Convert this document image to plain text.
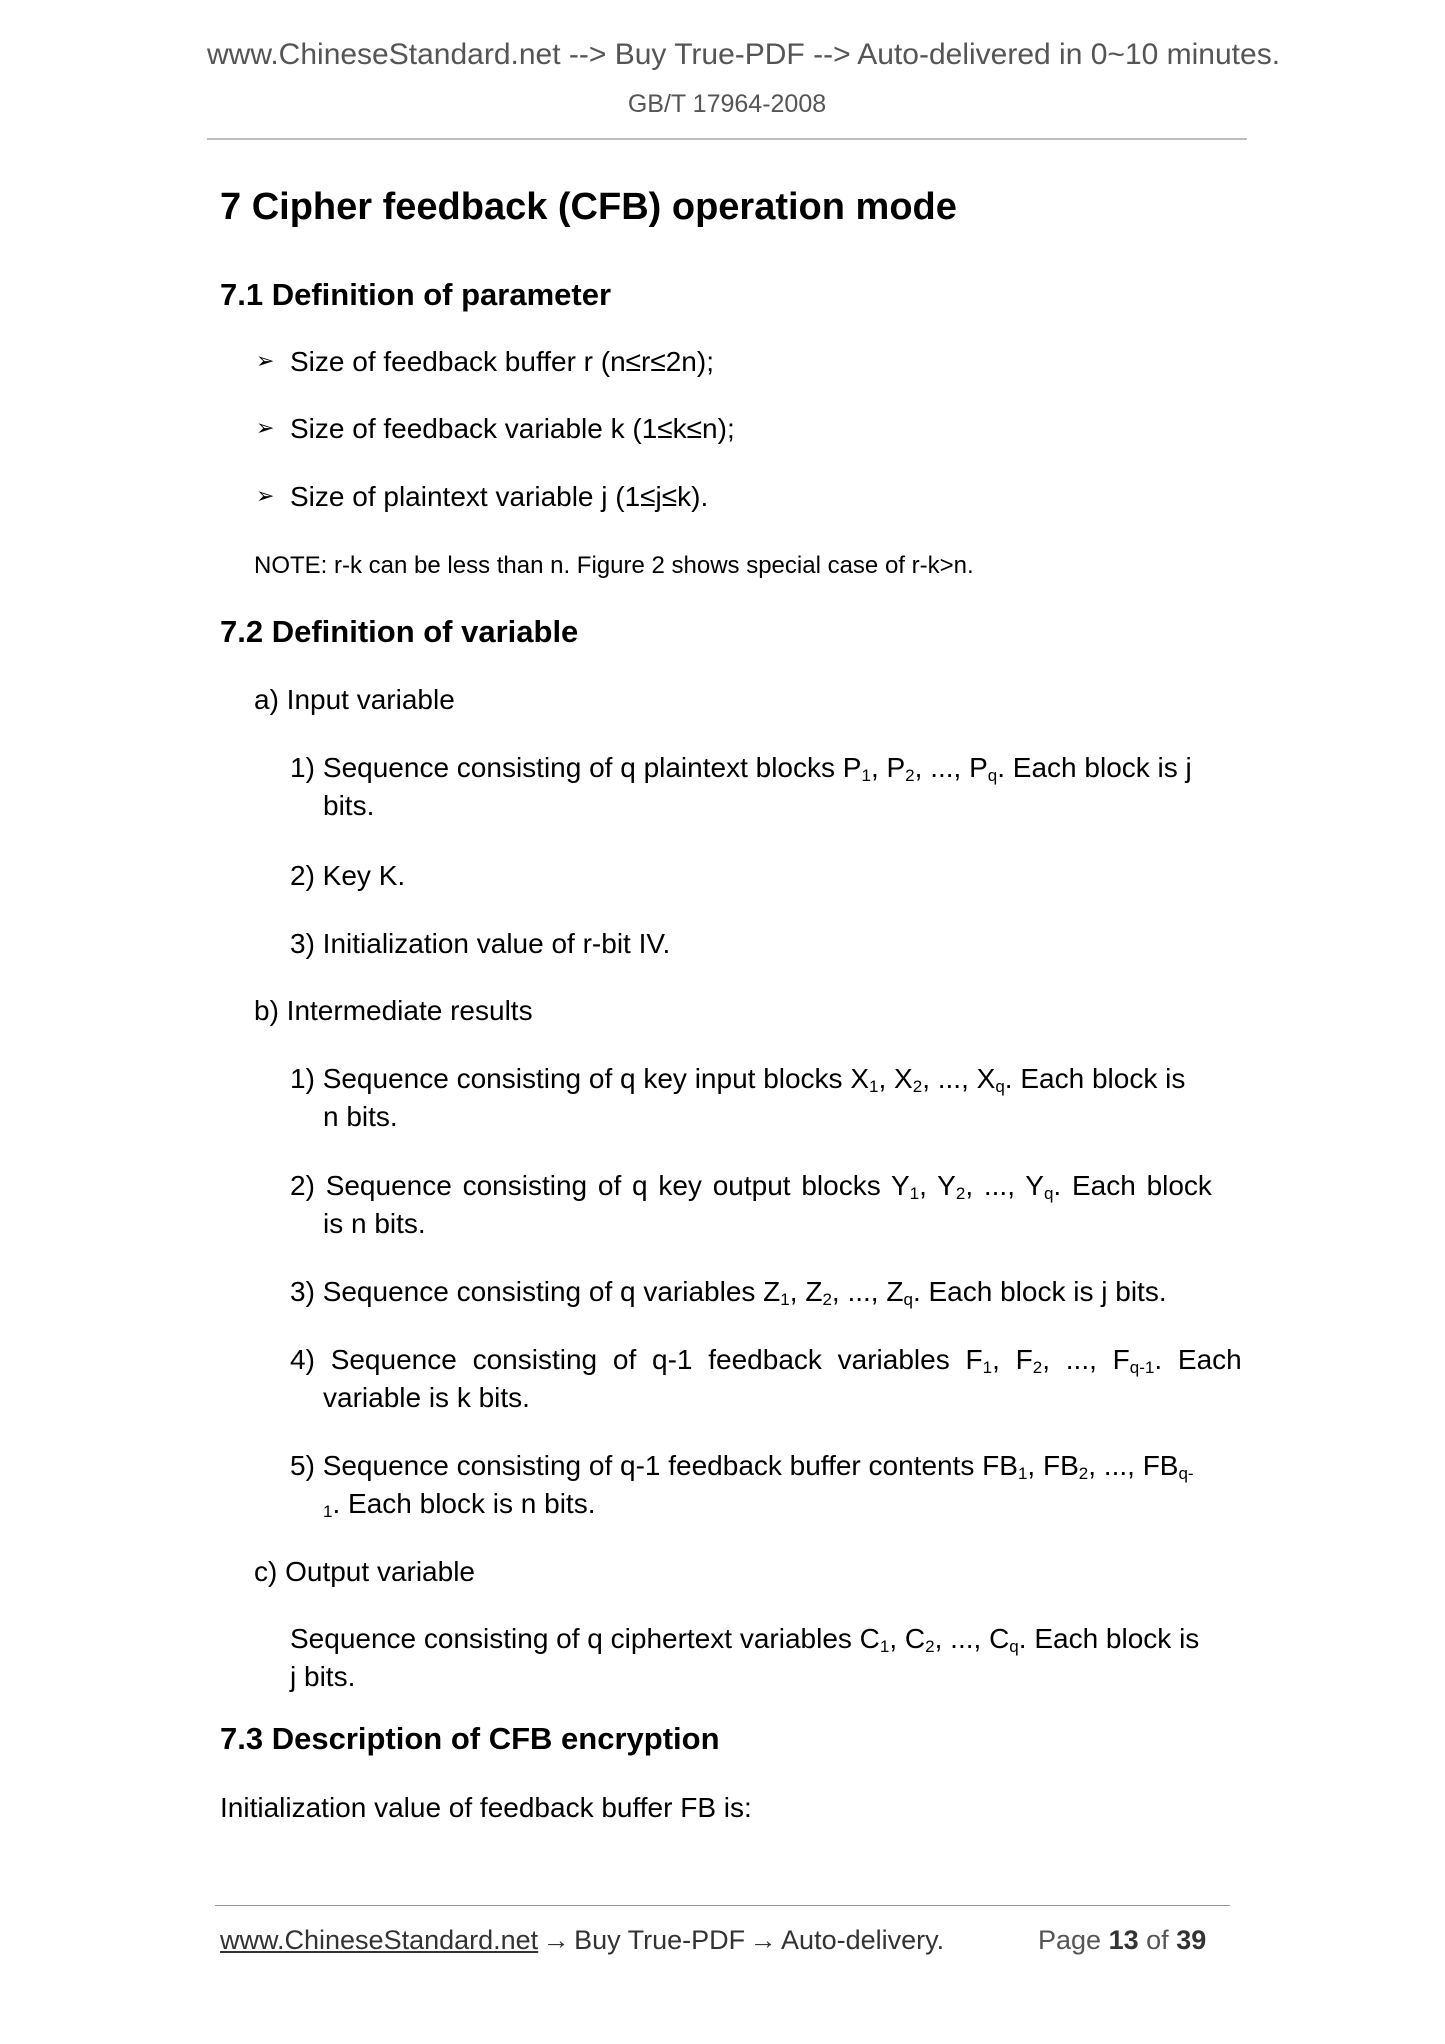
www.ChineseStandard.net --> Buy True-PDF --> Auto-delivered in 0~10 minutes.
GB/T 17964-2008
7 Cipher feedback (CFB) operation mode
7.1 Definition of parameter
➢ Size of feedback buffer r (n≤r≤2n);
➢ Size of feedback variable k (1≤k≤n);
➢ Size of plaintext variable j (1≤j≤k).
NOTE: r-k can be less than n. Figure 2 shows special case of r-k>n.
7.2 Definition of variable
a) Input variable
1) Sequence consisting of q plaintext blocks $P_1$, $P_2$, ..., $P_q$. Each block is j
bits.
2) Key K.
3) Initialization value of r-bit IV.
b) Intermediate results
1) Sequence consisting of q key input blocks $X_1$, $X_2$, ..., $X_q$. Each block is
n bits.
2) Sequence consisting of q key output blocks $Y_1$, $Y_2$, ..., $Y_q$. Each block
is n bits.
3) Sequence consisting of q variables $Z_1$, $Z_2$, ..., $Z_q$. Each block is j bits.
4) Sequence consisting of q-1 feedback variables $F_1$, $F_2$, ..., $F_{q-1}$. Each
variable is k bits.
5) Sequence consisting of q-1 feedback buffer contents $FB_1$, $FB_2$, ..., $FB_{q-}$
$_1$. Each block is n bits.
c) Output variable
Sequence consisting of q ciphertext variables $C_1$, $C_2$, ..., $C_q$. Each block is
j bits.
7.3 Description of CFB encryption
Initialization value of feedback buffer FB is:
www.ChineseStandard.net → Buy True-PDF → Auto-delivery.	Page 13 of 39
